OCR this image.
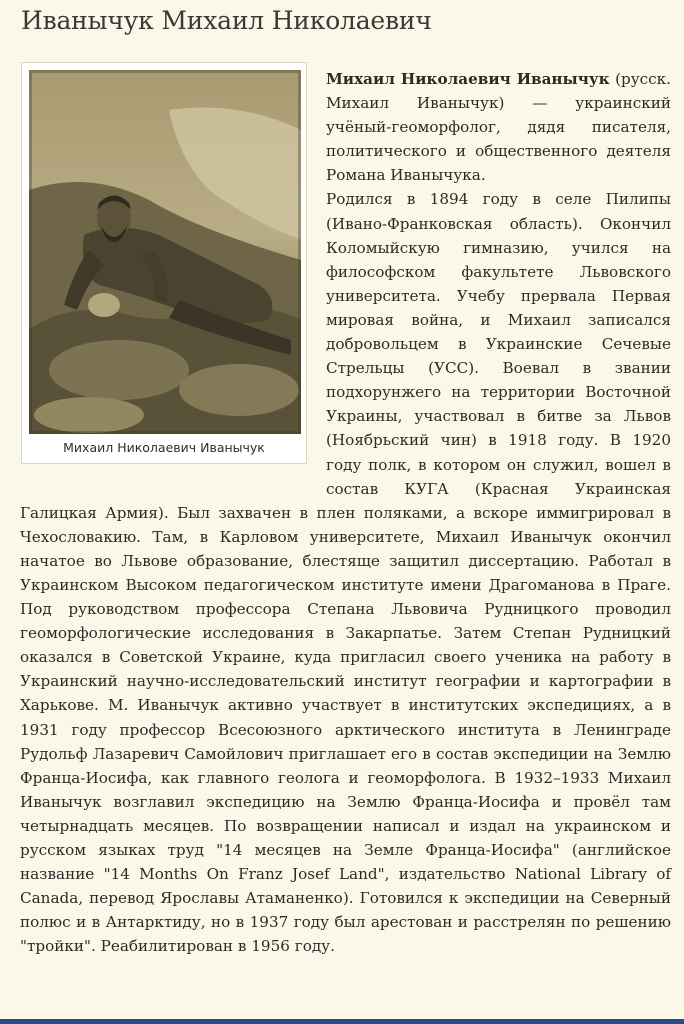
Иванычук Михаил Николаевич

Михаил Николаевич Иванычук (русск. Михаил Иванычук) — украинский учёный-геоморфолог, дядя писателя, политического и общественного деятеля Романа Иванычука.

Родился в 1894 году в селе Пилипы (Ивано-Франковская область). Окончил Коломыйскую гимназию, учился на философском факультете Львовского университета. Учебу прервала Первая мировая война, и Михаил записался добровольцем в Украинские Сечевые Стрельцы (УСС). Воевал в звании подхорунжего на территории Восточной Украины, участвовал в битве за Львов (Ноябрьский чин) в 1918 году. В 1920 году полк, в котором он служил, вошел в состав КУГА (Красная Украинская Галицкая Армия). Был захвачен в плен поляками, а вскоре иммигрировал в Чехословакию. Там, в Карловом университете, Михаил Иванычук окончил начатое во Львове образование, блестяще защитил диссертацию. Работал в Украинском Высоком педагогическом институте имени Драгоманова в Праге. Под руководством профессора Степана Львовича Рудницкого проводил геоморфологические исследования в Закарпатье. Затем Степан Рудницкий оказался в Советской Украине, куда пригласил своего ученика на работу в Украинский научно-исследовательский институт географии и картографии в Харькове. М. Иванычук активно участвует в институтских экспедициях, а в 1931 году профессор Всесоюзного арктического института в Ленинграде Рудольф Лазаревич Самойлович приглашает его в состав экспедиции на Землю Франца-Иосифа, как главного геолога и геоморфолога. В 1932–1933 Михаил Иванычук возглавил экспедицию на Землю Франца-Иосифа и провёл там четырнадцать месяцев. По возвращении написал и издал на украинском и русском языках труд "14 месяцев на Земле Франца-Иосифа" (английское название "14 Months On Franz Josef Land", издательство National Library of Canada, перевод Ярославы Атаманенко). Готовился к экспедиции на Северный полюс и в Антарктиду, но в 1937 году был арестован и расстрелян по решению "тройки". Реабилитирован в 1956 году.

Михаил Николаевич Иванычук
